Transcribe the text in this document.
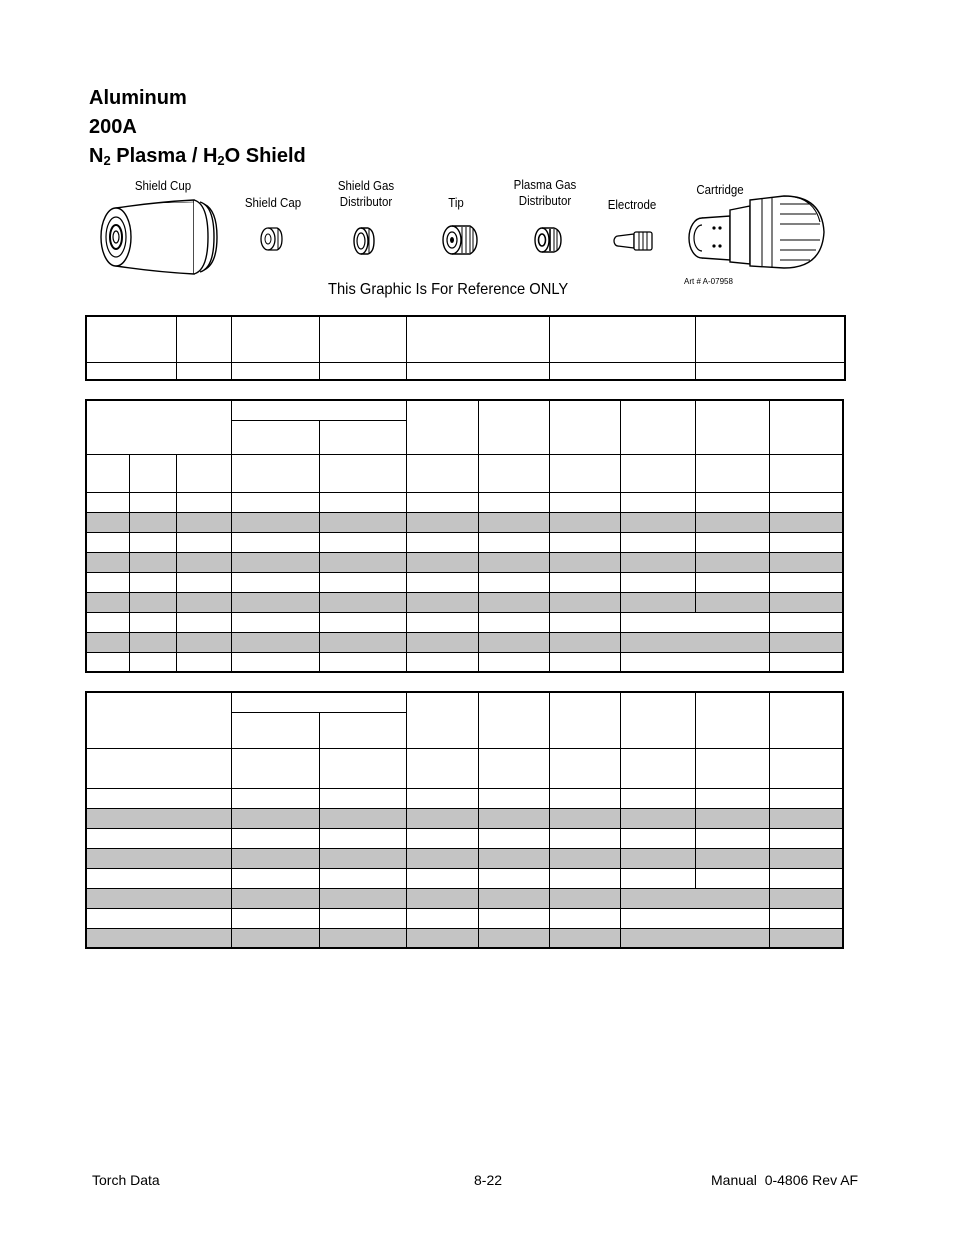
Aluminum
200A
$N_2$ Plasma / $H_2O$ Shield
Shield Cup
Shield Cap
Shield Gas Distributor	Tip
Plasma Gas Distributor	Electrode
Cartridge
This Graphic Is For Reference ONLY	Art # A-07958

Torch Data	8-22	Manual  0-4806 Rev AF
